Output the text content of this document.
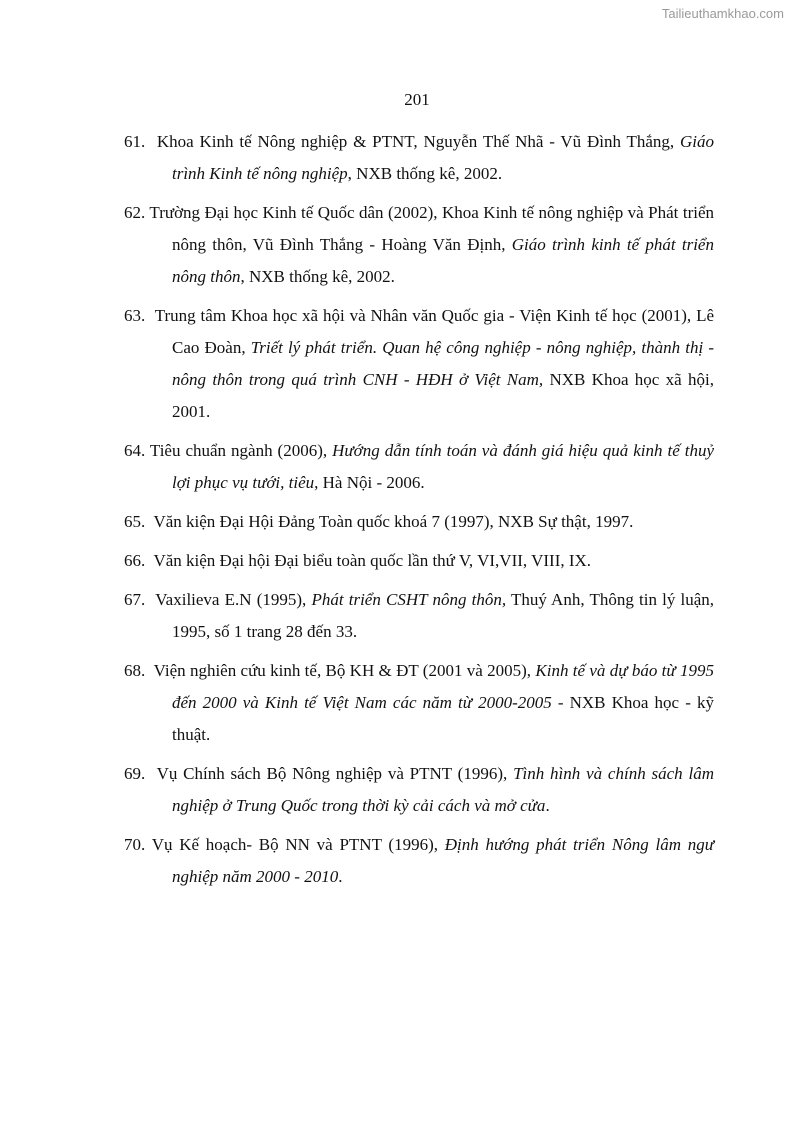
Tailieuthamkhao.com
201
61. Khoa Kinh tế Nông nghiệp & PTNT, Nguyễn Thế Nhã - Vũ Đình Thắng, Giáo trình Kinh tế nông nghiệp, NXB thống kê, 2002.
62. Trường Đại học Kinh tế Quốc dân (2002), Khoa Kinh tế nông nghiệp và Phát triển nông thôn, Vũ Đình Thắng - Hoàng Văn Định, Giáo trình kinh tế phát triển nông thôn, NXB thống kê, 2002.
63. Trung tâm Khoa học xã hội và Nhân văn Quốc gia - Viện Kinh tế học (2001), Lê Cao Đoàn, Triết lý phát triển. Quan hệ công nghiệp - nông nghiệp, thành thị - nông thôn trong quá trình CNH - HĐH ở Việt Nam, NXB Khoa học xã hội, 2001.
64. Tiêu chuẩn ngành (2006), Hướng dẫn tính toán và đánh giá hiệu quả kinh tế thuỷ lợi phục vụ tưới, tiêu, Hà Nội - 2006.
65. Văn kiện Đại Hội Đảng Toàn quốc khoá 7 (1997), NXB Sự thật, 1997.
66. Văn kiện Đại hội Đại biểu toàn quốc lần thứ V, VI,VII, VIII, IX.
67. Vaxilieva E.N (1995), Phát triển CSHT nông thôn, Thuý Anh, Thông tin lý luận, 1995, số 1 trang 28 đến 33.
68. Viện nghiên cứu kinh tế, Bộ KH & ĐT (2001 và 2005), Kinh tế và dự báo từ 1995 đến 2000 và Kinh tế Việt Nam các năm từ 2000-2005 - NXB Khoa học - kỹ thuật.
69. Vụ Chính sách Bộ Nông nghiệp và PTNT (1996), Tình hình và chính sách lâm nghiệp ở Trung Quốc trong thời kỳ cải cách và mở cửa.
70. Vụ Kế hoạch- Bộ NN và PTNT (1996), Định hướng phát triển Nông lâm ngư nghiệp năm 2000 - 2010.
